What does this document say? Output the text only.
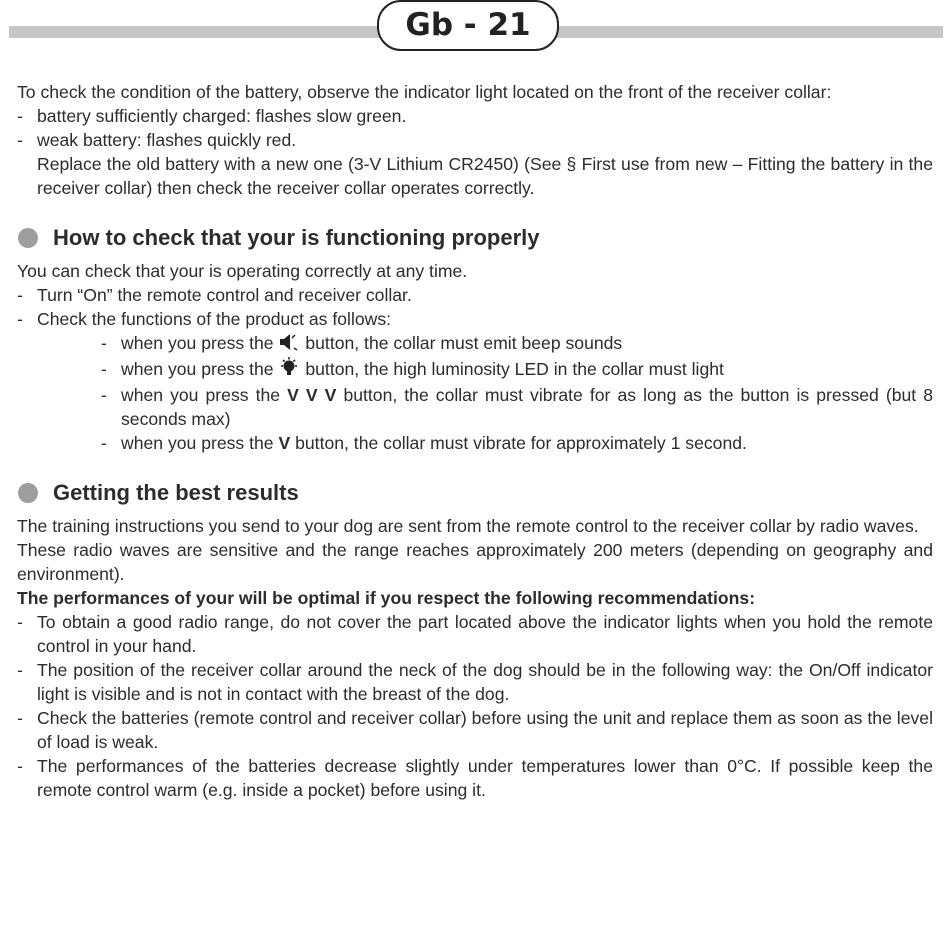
Gb - 21

To check the condition of the battery, observe the indicator light located on the front of the receiver collar:

- battery sufficiently charged: flashes slow green.
- weak battery: flashes quickly red.

Replace the old battery with a new one (3-V Lithium CR2450) (See § First use from new – Fitting the battery in the receiver collar) then check the receiver collar operates correctly.

How to check that your is functioning properly

You can check that your is operating correctly at any time.

- Turn “On” the remote control and receiver collar.
- Check the functions of the product as follows:
- when you press the button, the collar must emit beep sounds
- when you press the button, the high luminosity LED in the collar must light
- when you press the V V V button, the collar must vibrate for as long as the button is pressed (but 8 seconds max)
- when you press the V button, the collar must vibrate for approximately 1 second.
Getting the best results

The training instructions you send to your dog are sent from the remote control to the receiver collar by radio waves.

These radio waves are sensitive and the range reaches approximately 200 meters (depending on geography and environment).

The performances of your will be optimal if you respect the following recommendations:

- To obtain a good radio range, do not cover the part located above the indicator lights when you hold the remote control in your hand.
- The position of the receiver collar around the neck of the dog should be in the following way: the On/Off indicator light is visible and is not in contact with the breast of the dog.
- Check the batteries (remote control and receiver collar) before using the unit and replace them as soon as the level of load is weak.
- The performances of the batteries decrease slightly under temperatures lower than 0°C. If possible keep the remote control warm (e.g. inside a pocket) before using it.
